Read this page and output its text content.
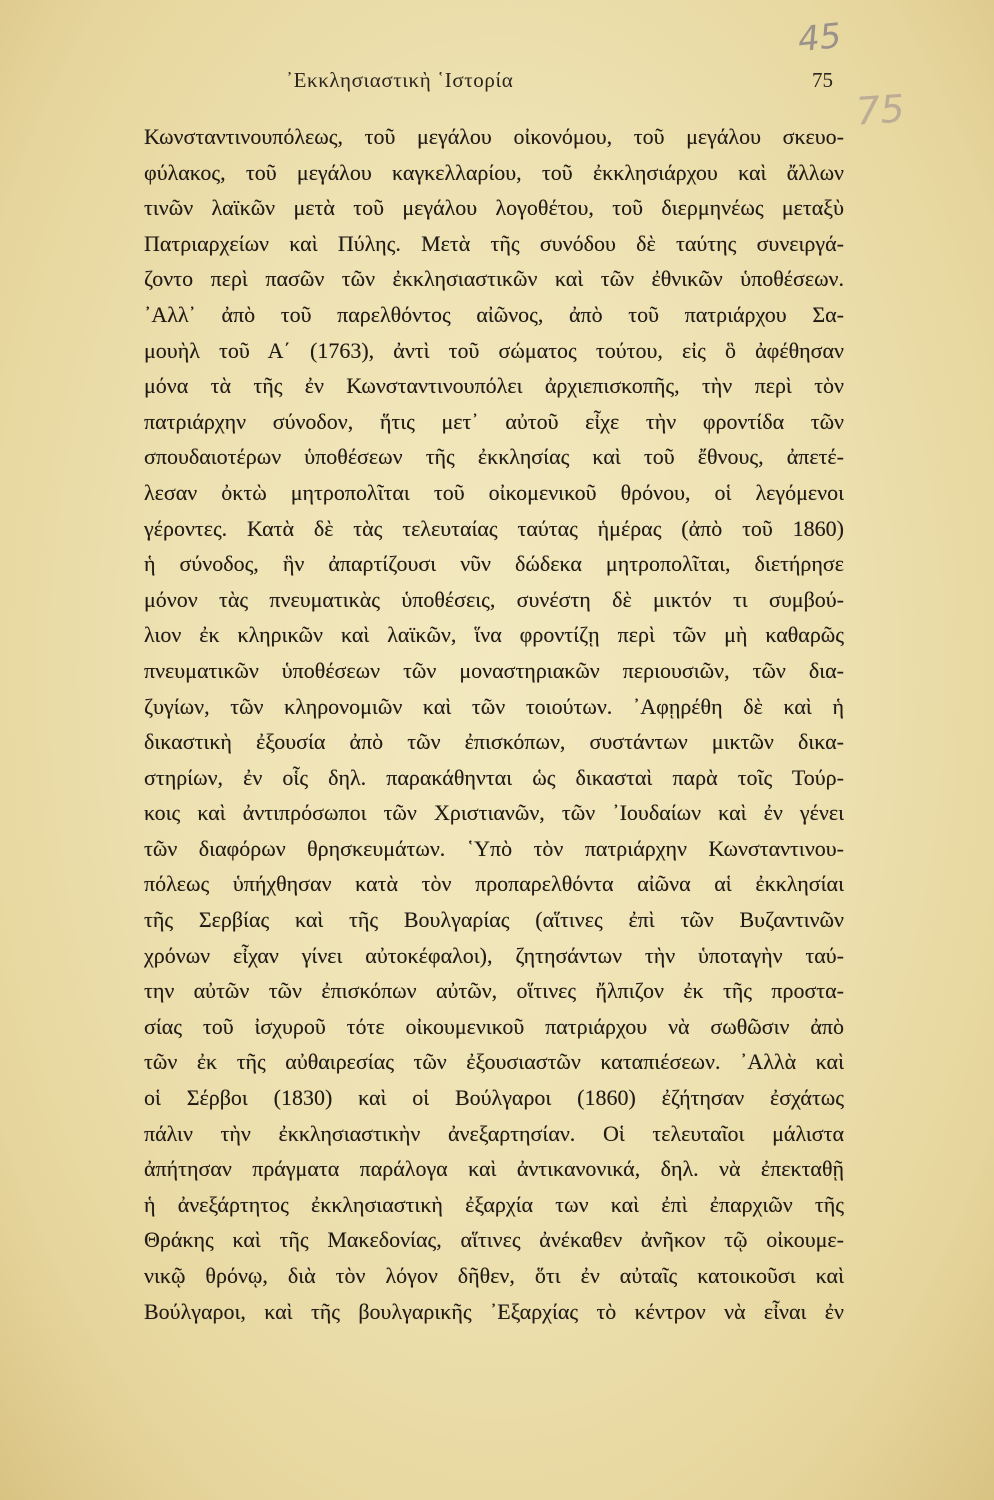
᾿Εκκλησιαστικὴ ῾Ιστορία	75
45
75
Κωνσταντινουπόλεως, τοῦ μεγάλου οἰκονόμου, τοῦ μεγάλου σκευο-
φύλακος, τοῦ μεγάλου καγκελλαρίου, τοῦ ἐκκλησιάρχου καὶ ἄλλων
τινῶν λαϊκῶν μετὰ τοῦ μεγάλου λογοθέτου, τοῦ διερμηνέως μεταξὺ
Πατριαρχείων καὶ Πύλης. Μετὰ τῆς συνόδου δὲ ταύτης συνειργά-
ζοντο περὶ πασῶν τῶν ἐκκλησιαστικῶν καὶ τῶν ἐθνικῶν ὑποθέσεων.
᾿Αλλ᾿ ἀπὸ τοῦ παρελθόντος αἰῶνος, ἀπὸ τοῦ πατριάρχου Σα-
μουὴλ τοῦ Α΄ (1763), ἀντὶ τοῦ σώματος τούτου, εἰς ὃ ἀφέθησαν
μόνα τὰ τῆς ἐν Κωνσταντινουπόλει ἀρχιεπισκοπῆς, τὴν περὶ τὸν
πατριάρχην σύνοδον, ἥτις μετ᾿ αὐτοῦ εἶχε τὴν φροντίδα τῶν
σπουδαιοτέρων ὑποθέσεων τῆς ἐκκλησίας καὶ τοῦ ἔθνους, ἀπετέ-
λεσαν ὀκτὼ μητροπολῖται τοῦ οἰκομενικοῦ θρόνου, οἱ λεγόμενοι
γέροντες. Κατὰ δὲ τὰς τελευταίας ταύτας ἡμέρας (ἀπὸ τοῦ 1860)
ἡ σύνοδος, ἣν ἀπαρτίζουσι νῦν δώδεκα μητροπολῖται, διετήρησε
μόνον τὰς πνευματικὰς ὑποθέσεις, συνέστη δὲ μικτόν τι συμβού-
λιον ἐκ κληρικῶν καὶ λαϊκῶν, ἵνα φροντίζῃ περὶ τῶν μὴ καθαρῶς
πνευματικῶν ὑποθέσεων τῶν μοναστηριακῶν περιουσιῶν, τῶν δια-
ζυγίων, τῶν κληρονομιῶν καὶ τῶν τοιούτων. ᾿Αφῃρέθη δὲ καὶ ἡ
δικαστικὴ ἐξουσία ἀπὸ τῶν ἐπισκόπων, συστάντων μικτῶν δικα-
στηρίων, ἐν οἷς δηλ. παρακάθηνται ὡς δικασταὶ παρὰ τοῖς Τούρ-
κοις καὶ ἀντιπρόσωποι τῶν Χριστιανῶν, τῶν ᾿Ιουδαίων καὶ ἐν γένει
τῶν διαφόρων θρησκευμάτων. ῾Υπὸ τὸν πατριάρχην Κωνσταντινου-
πόλεως ὑπήχθησαν κατὰ τὸν προπαρελθόντα αἰῶνα αἱ ἐκκλησίαι
τῆς Σερβίας καὶ τῆς Βουλγαρίας (αἵτινες ἐπὶ τῶν Βυζαντινῶν
χρόνων εἶχαν γίνει αὐτοκέφαλοι), ζητησάντων τὴν ὑποταγὴν ταύ-
την αὐτῶν τῶν ἐπισκόπων αὐτῶν, οἵτινες ἤλπιζον ἐκ τῆς προστα-
σίας τοῦ ἰσχυροῦ τότε οἰκουμενικοῦ πατριάρχου νὰ σωθῶσιν ἀπὸ
τῶν ἐκ τῆς αὐθαιρεσίας τῶν ἐξουσιαστῶν καταπιέσεων. ᾿Αλλὰ καὶ
οἱ Σέρβοι (1830) καὶ οἱ Βούλγαροι (1860) ἐζήτησαν ἐσχάτως
πάλιν τὴν ἐκκλησιαστικὴν ἀνεξαρτησίαν. Οἱ τελευταῖοι μάλιστα
ἀπήτησαν πράγματα παράλογα καὶ ἀντικανονικά, δηλ. νὰ ἐπεκταθῇ
ἡ ἀνεξάρτητος ἐκκλησιαστικὴ ἐξαρχία των καὶ ἐπὶ ἐπαρχιῶν τῆς
Θράκης καὶ τῆς Μακεδονίας, αἵτινες ἀνέκαθεν ἀνῆκον τῷ οἰκουμε-
νικῷ θρόνῳ, διὰ τὸν λόγον δῆθεν, ὅτι ἐν αὐταῖς κατοικοῦσι καὶ
Βούλγαροι, καὶ τῆς βουλγαρικῆς ᾿Εξαρχίας τὸ κέντρον νὰ εἶναι ἐν
